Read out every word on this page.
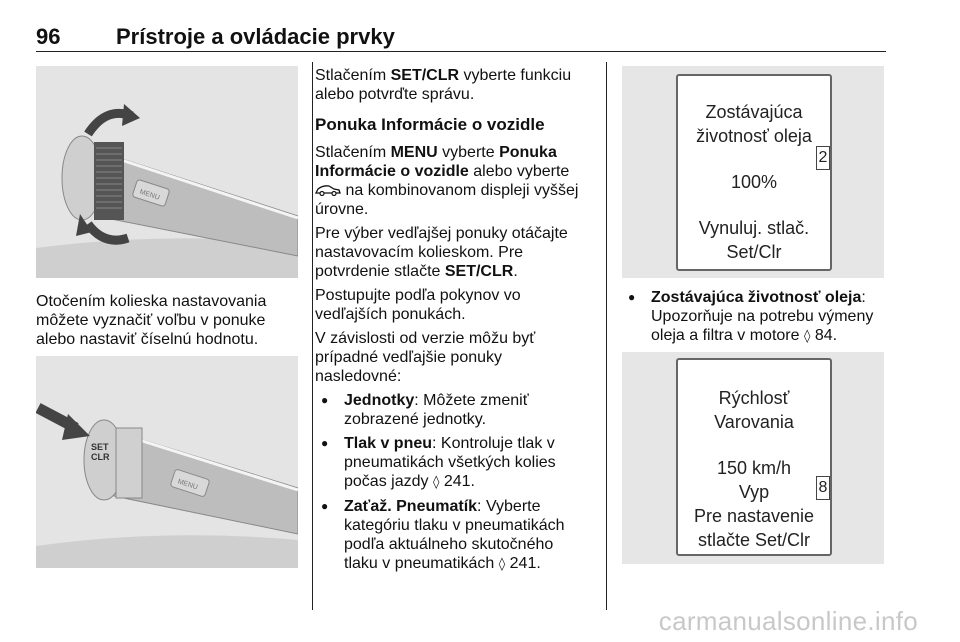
96	Prístroje a ovládacie prvky
MENU
Otočením kolieska nastavovania môžete vyznačiť voľbu v ponuke alebo nastaviť číselnú hodnotu.
MENU
SET
CLR
Stlačením SET/CLR vyberte funkciu alebo potvrďte správu.
Ponuka Informácie o vozidle
Stlačením MENU vyberte Ponuka Informácie o vozidle alebo vyberte  na kombinovanom displeji vyššej úrovne.
Pre výber vedľajšej ponuky otáčajte nastavovacím kolieskom. Pre potvrdenie stlačte SET/CLR.
Postupujte podľa pokynov vo vedľajších ponukách.
V závislosti od verzie môžu byť prípadné vedľajšie ponuky nasledovné:
● Jednotky: Môžete zmeniť zobrazené jednotky.
● Tlak v pneu: Kontroluje tlak v pneumatikách všetkých kolies počas jazdy ◊ 241.
● Zaťaž. Pneumatík: Vyberte kategóriu tlaku v pneumatikách podľa aktuálneho skutočného tlaku v pneumatikách ◊ 241.
Zostávajúca
životnosť oleja
2
100%
Vynuluj. stlač.
Set/Clr
● Zostávajúca životnosť oleja: Upozorňuje na potrebu výmeny oleja a filtra v motore ◊ 84.
Rýchlosť
Varovania
8
150 km/h
Vyp
Pre nastavenie
stlačte Set/Clr
carmanualsonline.info
